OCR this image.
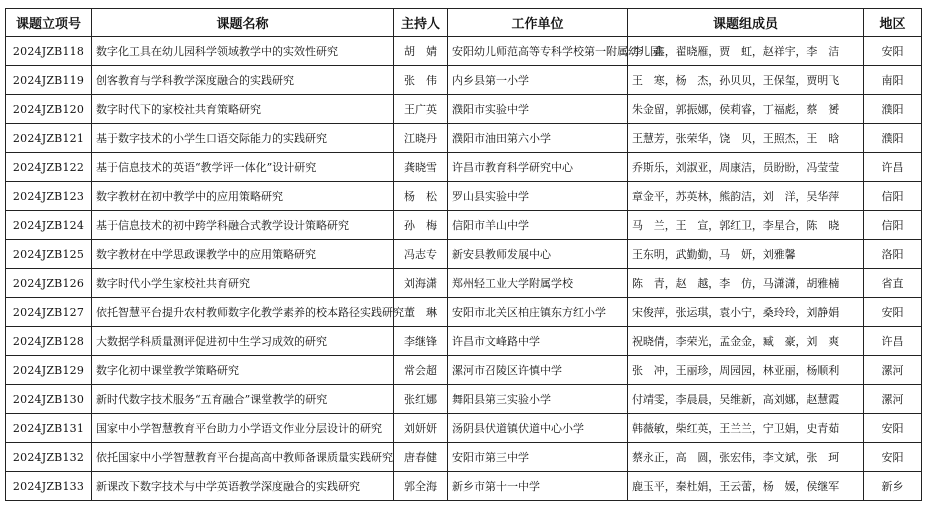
课题立项号	课题名称	主持人	工作单位	课题组成员	地区
2024JZB118	数字化工具在幼儿园科学领域教学中的实效性研究	胡　婧	安阳幼儿师范高等专科学校第一附属幼儿园	李　鑫，翟晓雁，贾　虹，赵祥宇，李　洁	安阳
2024JZB119	创客教育与学科教学深度融合的实践研究	张　伟	内乡县第一小学	王　寒，杨　杰，孙贝贝，王保玺，贾明飞	南阳
2024JZB120	数字时代下的家校社共育策略研究	王广英	濮阳市实验中学	朱金留，郭振娜，侯莉睿，丁福彪，蔡　赟	濮阳
2024JZB121	基于数字技术的小学生口语交际能力的实践研究	江晓丹	濮阳市油田第六小学	王慧芳，张荣华，饶　贝，王照杰，王　晗	濮阳
2024JZB122	基于信息技术的英语“教学评一体化”设计研究	龚晓雪	许昌市教育科学研究中心	乔斯乐，刘淑亚，周康洁，员盼盼，冯莹莹	许昌
2024JZB123	数字教材在初中教学中的应用策略研究	杨　松	罗山县实验中学	章金平，苏英林，熊韵洁，刘　洋，吴华萍	信阳
2024JZB124	基于信息技术的初中跨学科融合式教学设计策略研究	孙　梅	信阳市羊山中学	马　兰，王　宣，郭红卫，李星合，陈　晓	信阳
2024JZB125	数字教材在中学思政课教学中的应用策略研究	冯志专	新安县教师发展中心	王东明，武勤勤，马　妍，刘雅馨	洛阳
2024JZB126	数字时代小学生家校社共育研究	刘海潇	郑州轻工业大学附属学校	陈　青，赵　越，李　仿，马潇潇，胡雅楠	省直
2024JZB127	依托智慧平台提升农村教师数字化教学素养的校本路径实践研究	董　琳	安阳市北关区柏庄镇东方红小学	宋俊萍，张运琪，袁小宁，桑玲玲，刘静娟	安阳
2024JZB128	大数据学科质量测评促进初中生学习成效的研究	李继锋	许昌市文峰路中学	祝晓倩，李荣光，孟金金，臧　豪，刘　爽	许昌
2024JZB129	数字化初中课堂教学策略研究	常会超	漯河市召陵区许慎中学	张　冲，王丽珍，周园园，林亚丽，杨顺利	漯河
2024JZB130	新时代数字技术服务“五育融合”课堂教学的研究	张红娜	舞阳县第三实验小学	付靖雯，李晨晨，吴维新，高刘娜，赵慧霞	漯河
2024JZB131	国家中小学智慧教育平台助力小学语文作业分层设计的研究	刘妍妍	汤阴县伏道镇伏道中心小学	韩薇敏，柴红英，王兰兰，宁卫娟，史青茹	安阳
2024JZB132	依托国家中小学智慧教育平台提高高中教师备课质量实践研究	唐春健	安阳市第三中学	蔡永正，高　圆，张宏伟，李文斌，张　珂	安阳
2024JZB133	新课改下数字技术与中学英语教学深度融合的实践研究	郭全海	新乡市第十一中学	鹿玉平，秦杜娟，王云蕾，杨　媛，侯继军	新乡
